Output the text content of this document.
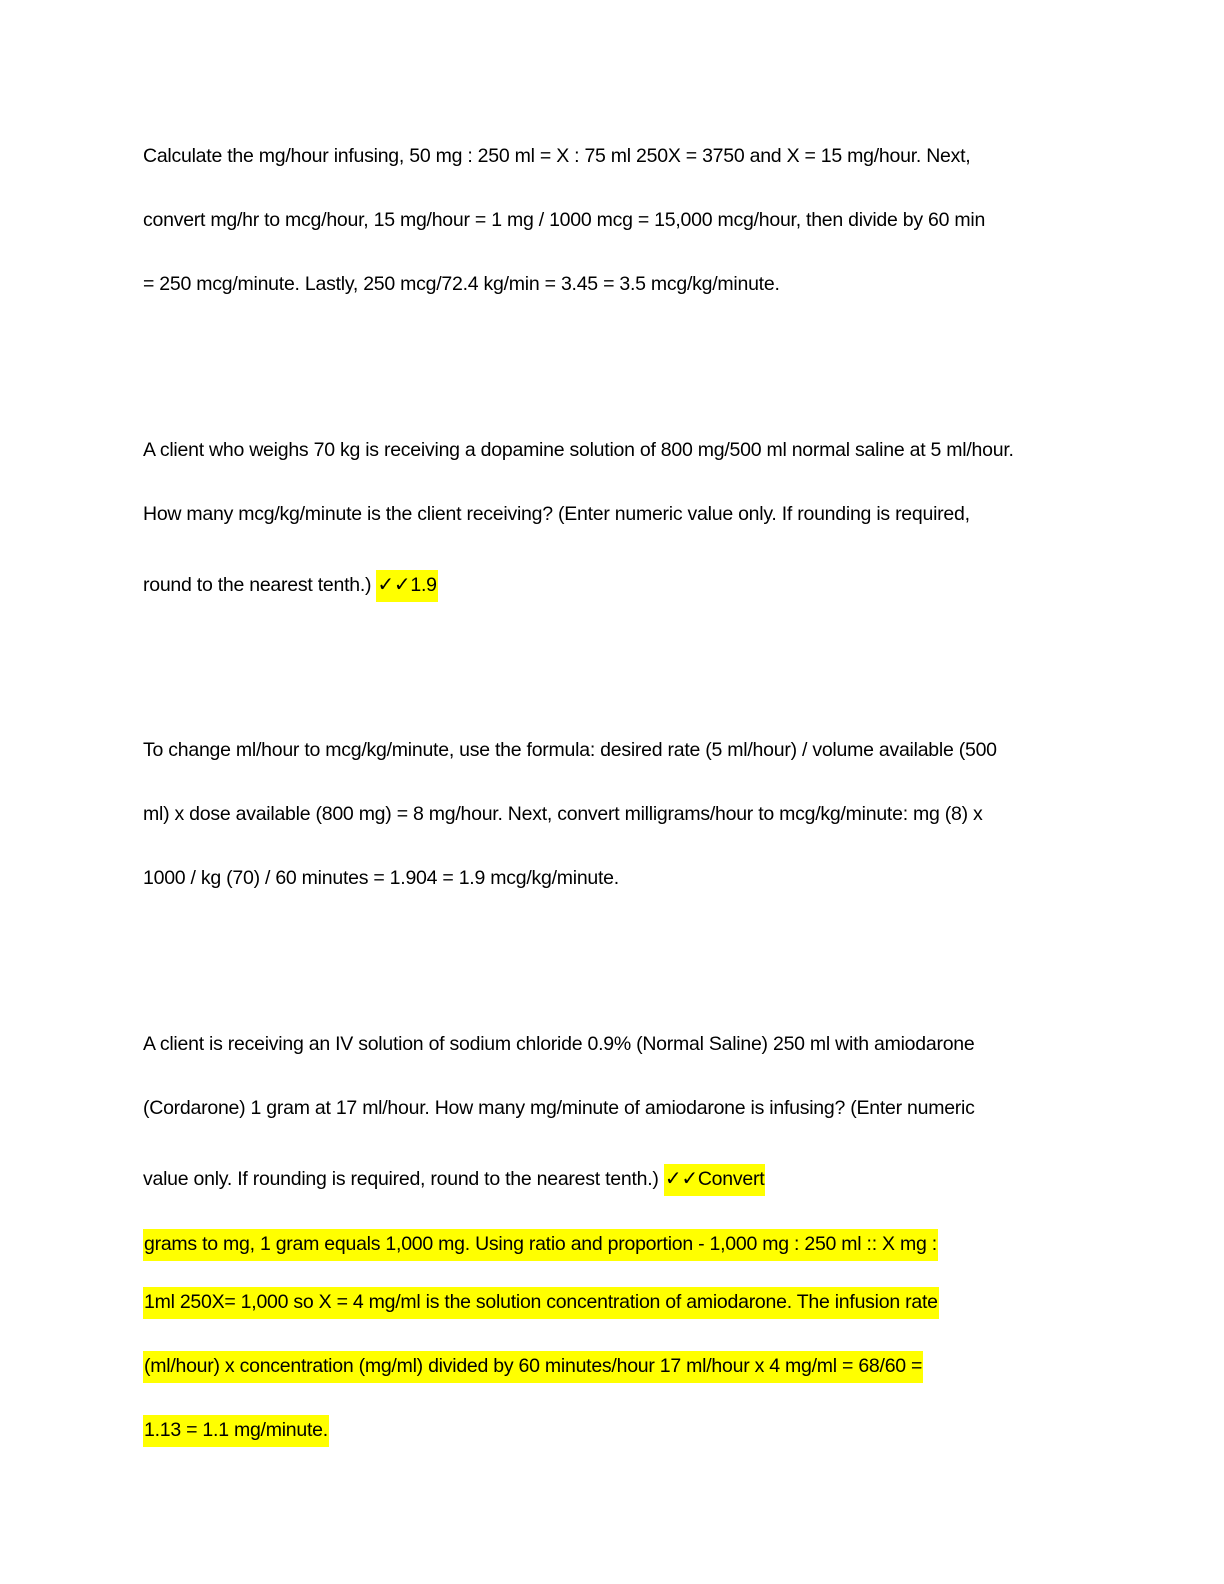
Calculate the mg/hour infusing, 50 mg : 250 ml = X : 75 ml 250X = 3750 and X = 15 mg/hour. Next,
convert mg/hr to mcg/hour, 15 mg/hour = 1 mg / 1000 mcg = 15,000 mcg/hour, then divide by 60 min
= 250 mcg/minute. Lastly, 250 mcg/72.4 kg/min = 3.45 = 3.5 mcg/kg/minute.
A client who weighs 70 kg is receiving a dopamine solution of 800 mg/500 ml normal saline at 5 ml/hour.
How many mcg/kg/minute is the client receiving? (Enter numeric value only. If rounding is required,
round to the nearest tenth.) ✓✓1.9
To change ml/hour to mcg/kg/minute, use the formula: desired rate (5 ml/hour) / volume available (500
ml) x dose available (800 mg) = 8 mg/hour. Next, convert milligrams/hour to mcg/kg/minute: mg (8) x
1000 / kg (70) / 60 minutes = 1.904 = 1.9 mcg/kg/minute.
A client is receiving an IV solution of sodium chloride 0.9% (Normal Saline) 250 ml with amiodarone
(Cordarone) 1 gram at 17 ml/hour. How many mg/minute of amiodarone is infusing? (Enter numeric
value only. If rounding is required, round to the nearest tenth.) ✓✓Convert
grams to mg, 1 gram equals 1,000 mg. Using ratio and proportion - 1,000 mg : 250 ml :: X mg :
1ml 250X= 1,000 so X = 4 mg/ml is the solution concentration of amiodarone. The infusion rate
(ml/hour) x concentration (mg/ml) divided by 60 minutes/hour 17 ml/hour x 4 mg/ml = 68/60 =
1.13 = 1.1 mg/minute.
